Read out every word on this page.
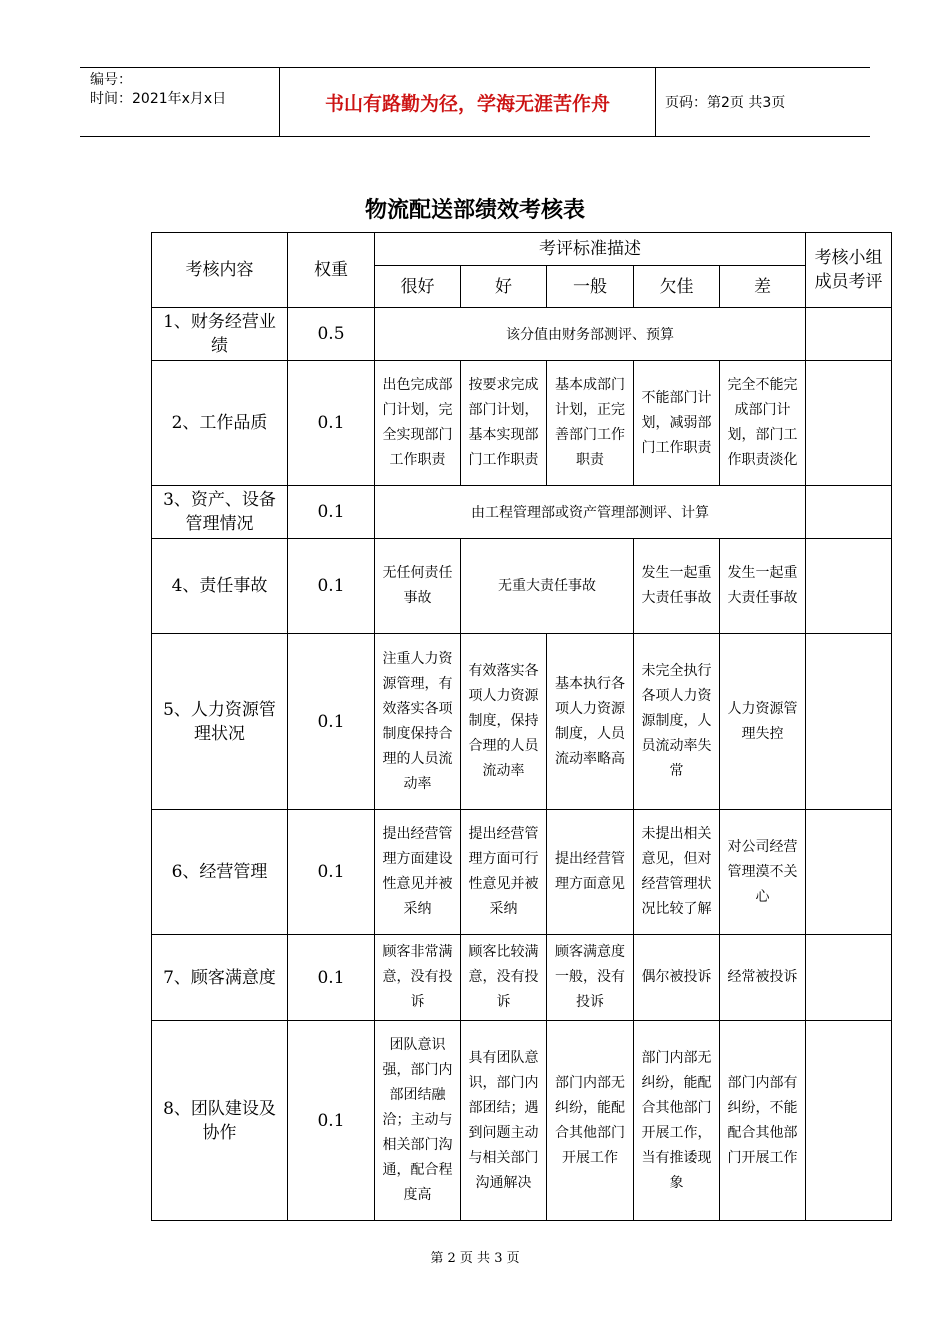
编号：
时间：2021年x月x日	书山有路勤为径，学海无涯苦作舟	页码：第2页 共3页
物流配送部绩效考核表
考核内容	权重	考评标准描述					考核小组成员考评
		很好	好	一般	欠佳	差	
1、财务经营业绩	0.5	该分值由财务部测评、预算					
2、工作品质	0.1	出色完成部门计划，完全实现部门工作职责	按要求完成部门计划，基本实现部门工作职责	基本成部门计划，正完善部门工作职责	不能部门计划，减弱部门工作职责	完全不能完成部门计划，部门工作职责淡化	
3、资产、设备管理情况	0.1	由工程管理部或资产管理部测评、计算					
4、责任事故	0.1	无任何责任事故	无重大责任事故		发生一起重大责任事故	发生一起重大责任事故	
5、人力资源管理状况	0.1	注重人力资源管理，有效落实各项制度保持合理的人员流动率	有效落实各项人力资源制度，保持合理的人员流动率	基本执行各项人力资源制度，人员流动率略高	未完全执行各项人力资源制度，人员流动率失常	人力资源管理失控	
6、经营管理	0.1	提出经营管理方面建设性意见并被采纳	提出经营管理方面可行性意见并被采纳	提出经营管理方面意见	未提出相关意见，但对经营管理状况比较了解	对公司经营管理漠不关心	
7、顾客满意度	0.1	顾客非常满意，没有投诉	顾客比较满意，没有投诉	顾客满意度一般，没有投诉	偶尔被投诉	经常被投诉	
8、团队建设及协作	0.1	团队意识强，部门内部团结融洽；主动与相关部门沟通，配合程度高	具有团队意识，部门内部团结；遇到问题主动与相关部门沟通解决	部门内部无纠纷，能配合其他部门开展工作	部门内部无纠纷，能配合其他部门开展工作，当有推诿现象	部门内部有纠纷，不能配合其他部门开展工作	
第 2 页 共 3 页
